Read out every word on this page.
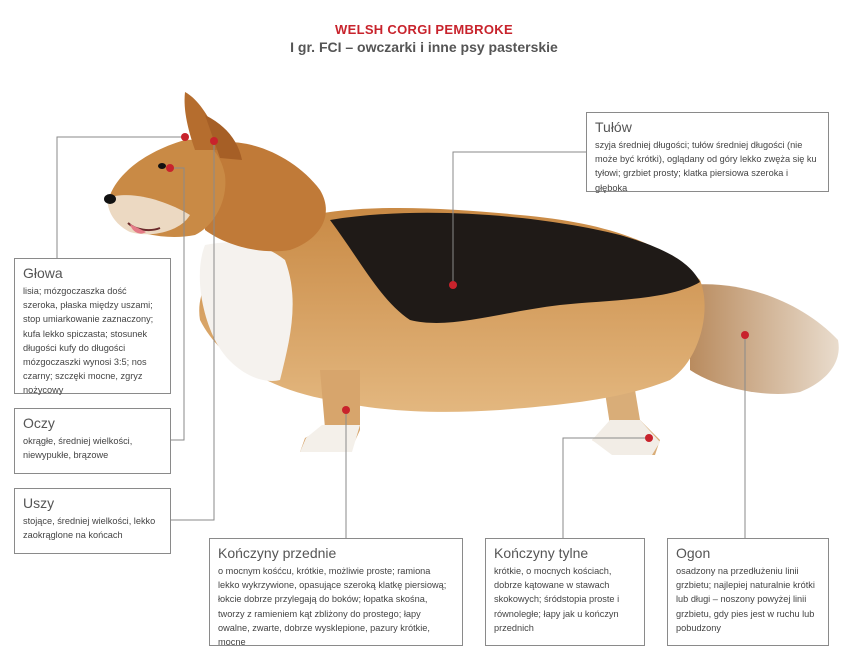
WELSH CORGI PEMBROKE
I gr. FCI – owczarki i inne psy pasterskie
Tułów

szyja średniej długości; tułów średniej długości (nie może być krótki), oglądany od góry lekko zwęża się ku tyłowi; grzbiet prosty; klatka piersiowa szeroka i głęboka

Głowa

lisia; mózgoczaszka dość szeroka, płaska między uszami; stop umiarkowanie zaznaczony; kufa lekko spiczasta; stosunek długości kufy do długości mózgoczaszki wynosi 3:5; nos czarny; szczęki mocne, zgryz nożycowy

Oczy

okrągłe, średniej wielkości, niewypukłe, brązowe

Uszy

stojące, średniej wielkości, lekko zaokrąglone na końcach

Kończyny przednie

o mocnym kośćcu, krótkie, możliwie proste; ramiona lekko wykrzywione, opasujące szeroką klatkę piersiową; łokcie dobrze przylegają do boków; łopatka skośna, tworzy z ramieniem kąt zbliżony do prostego; łapy owalne, zwarte, dobrze wysklepione, pazury krótkie, mocne

Kończyny tylne

krótkie, o mocnych kościach, dobrze kątowane w stawach skokowych; śródstopia proste i równoległe; łapy jak u kończyn przednich

Ogon

osadzony na przedłużeniu linii grzbietu; najlepiej naturalnie krótki lub długi – noszony powyżej linii grzbietu, gdy pies jest w ruchu lub pobudzony
